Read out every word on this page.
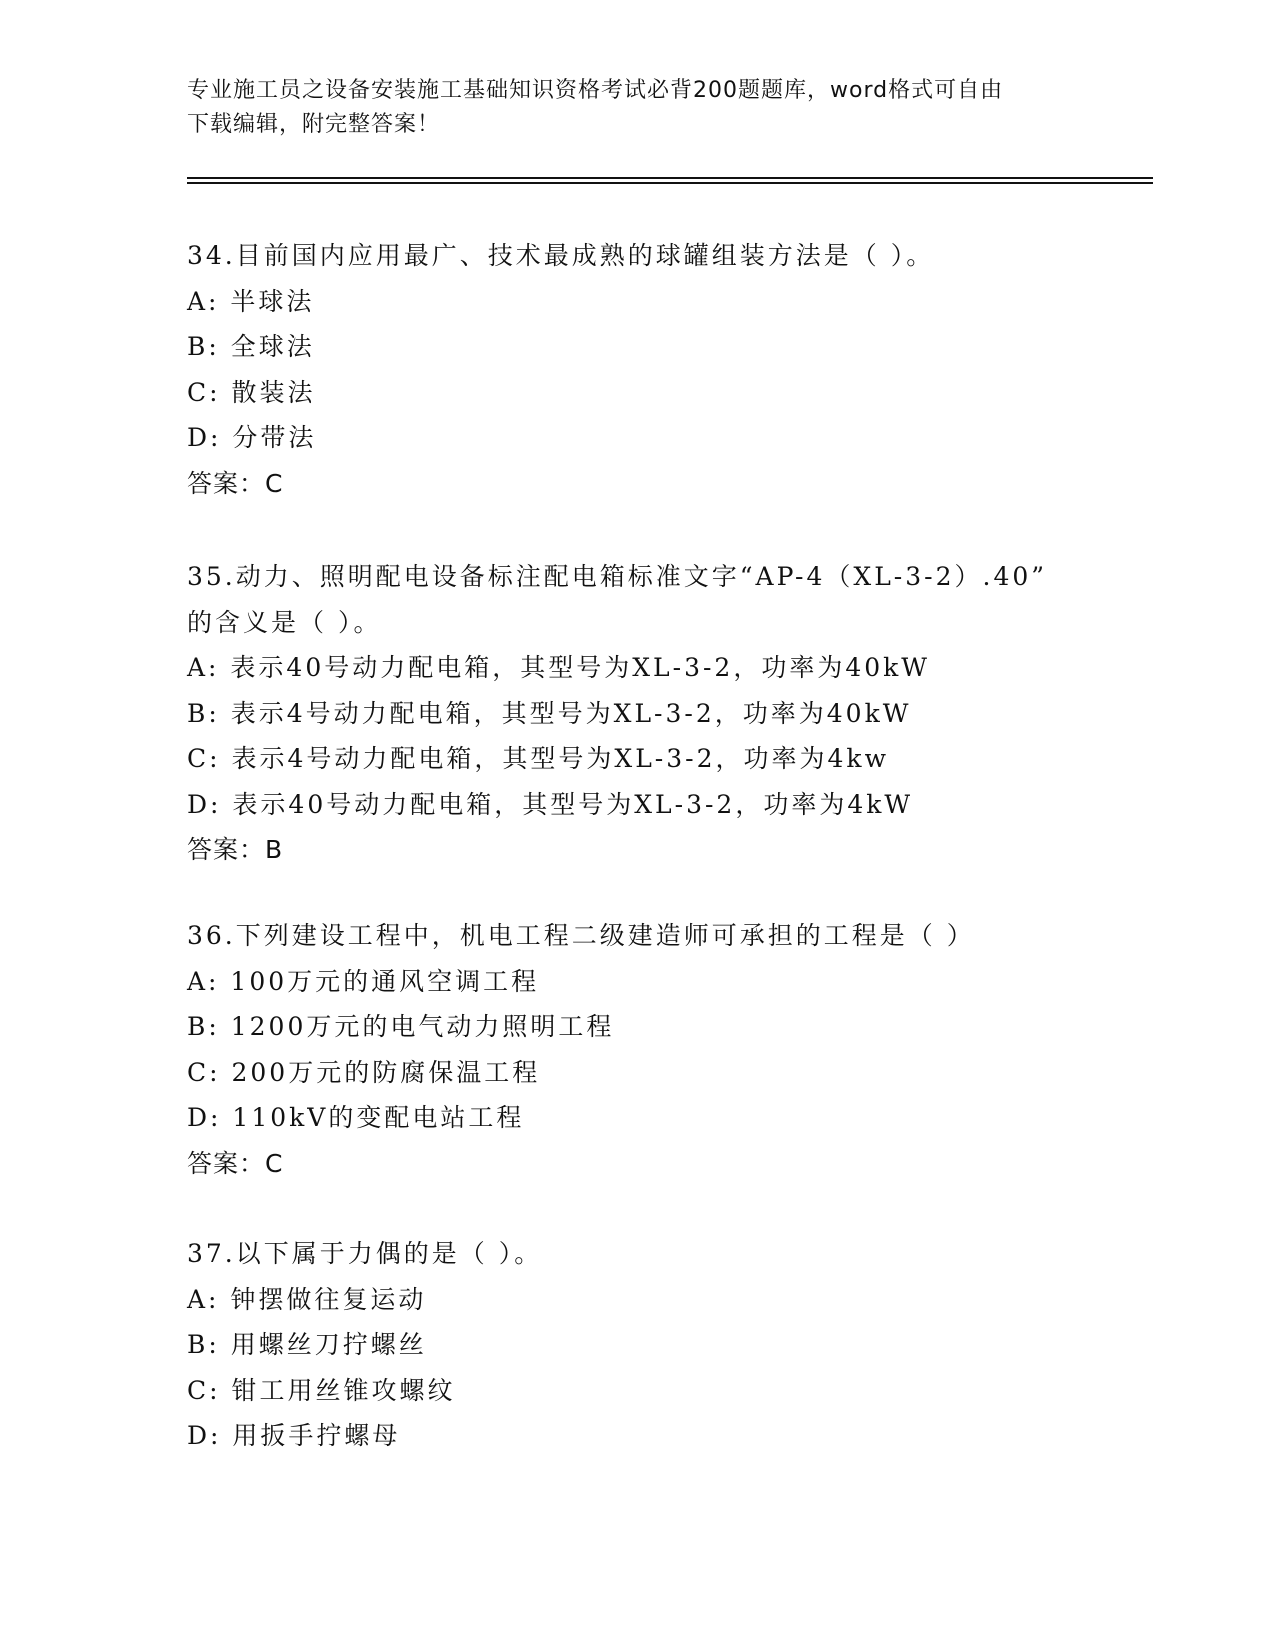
专业施工员之设备安装施工基础知识资格考试必背200题题库，word格式可自由
下载编辑，附完整答案！
34.目前国内应用最广、技术最成熟的球罐组装方法是（ ）。
A: 半球法
B: 全球法
C: 散装法
D: 分带法
答案：C
35.动力、照明配电设备标注配电箱标准文字“AP-4（XL-3-2）.40”
的含义是（ ）。
A: 表示40号动力配电箱，其型号为XL-3-2，功率为40kW
B: 表示4号动力配电箱，其型号为XL-3-2，功率为40kW
C: 表示4号动力配电箱，其型号为XL-3-2，功率为4kw
D: 表示40号动力配电箱，其型号为XL-3-2，功率为4kW
答案：B
36.下列建设工程中，机电工程二级建造师可承担的工程是（ ）
A: 100万元的通风空调工程
B: 1200万元的电气动力照明工程
C: 200万元的防腐保温工程
D: 110kV的变配电站工程
答案：C
37.以下属于力偶的是（ ）。
A: 钟摆做往复运动
B: 用螺丝刀拧螺丝
C: 钳工用丝锥攻螺纹
D: 用扳手拧螺母
